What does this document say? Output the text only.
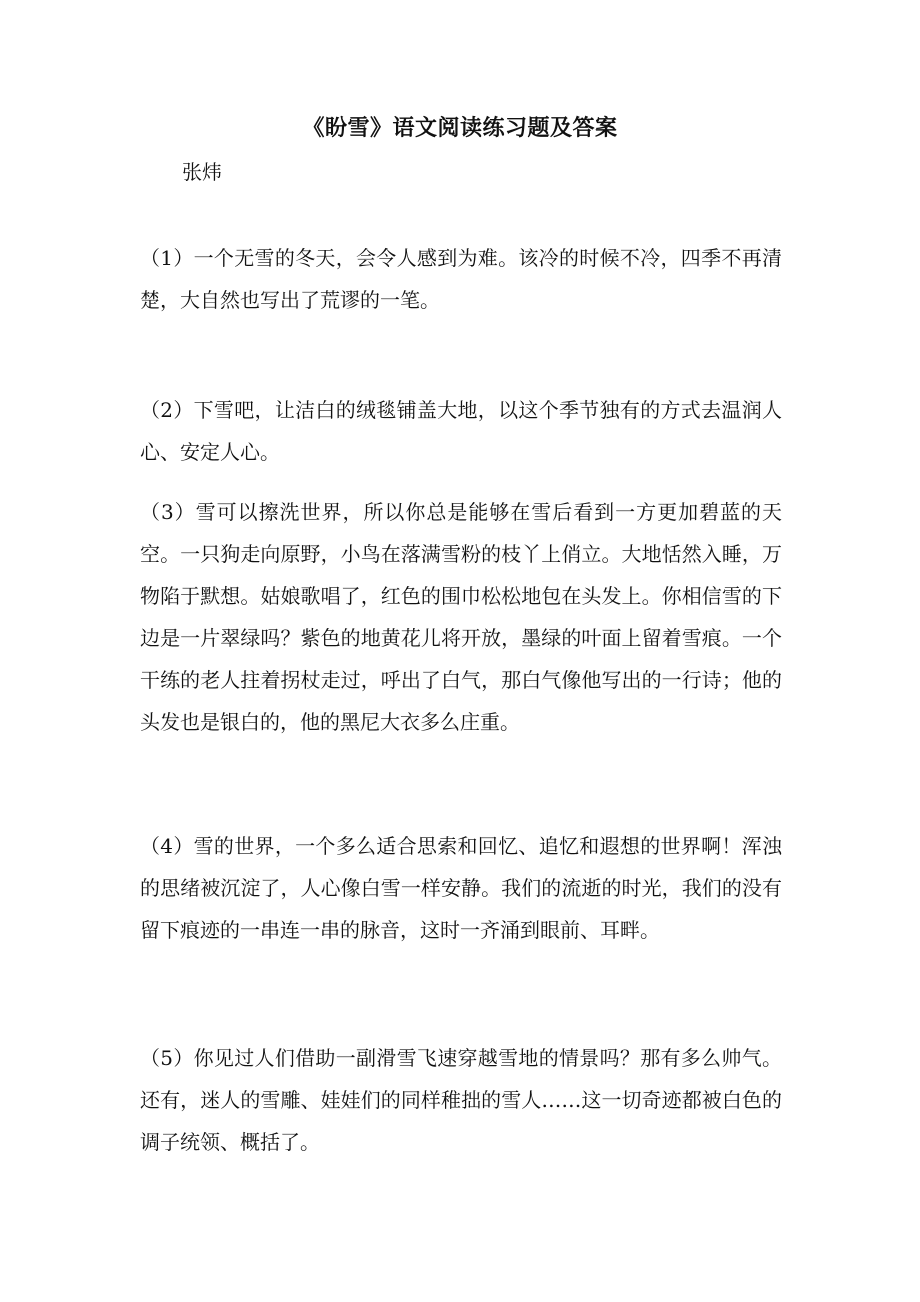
《盼雪》语文阅读练习题及答案
张炜
（1）一个无雪的冬天，会令人感到为难。该冷的时候不冷，四季不再清楚，大自然也写出了荒谬的一笔。
（2）下雪吧，让洁白的绒毯铺盖大地，以这个季节独有的方式去温润人心、安定人心。
（3）雪可以擦洗世界，所以你总是能够在雪后看到一方更加碧蓝的天空。一只狗走向原野，小鸟在落满雪粉的枝丫上俏立。大地恬然入睡，万物陷于默想。姑娘歌唱了，红色的围巾松松地包在头发上。你相信雪的下边是一片翠绿吗？紫色的地黄花儿将开放，墨绿的叶面上留着雪痕。一个干练的老人拄着拐杖走过，呼出了白气，那白气像他写出的一行诗；他的头发也是银白的，他的黑尼大衣多么庄重。
（4）雪的世界，一个多么适合思索和回忆、追忆和遐想的世界啊！浑浊的思绪被沉淀了，人心像白雪一样安静。我们的流逝的时光，我们的没有留下痕迹的一串连一串的脉音，这时一齐涌到眼前、耳畔。
（5）你见过人们借助一副滑雪飞速穿越雪地的情景吗？那有多么帅气。还有，迷人的雪雕、娃娃们的同样稚拙的雪人……这一切奇迹都被白色的调子统领、概括了。
